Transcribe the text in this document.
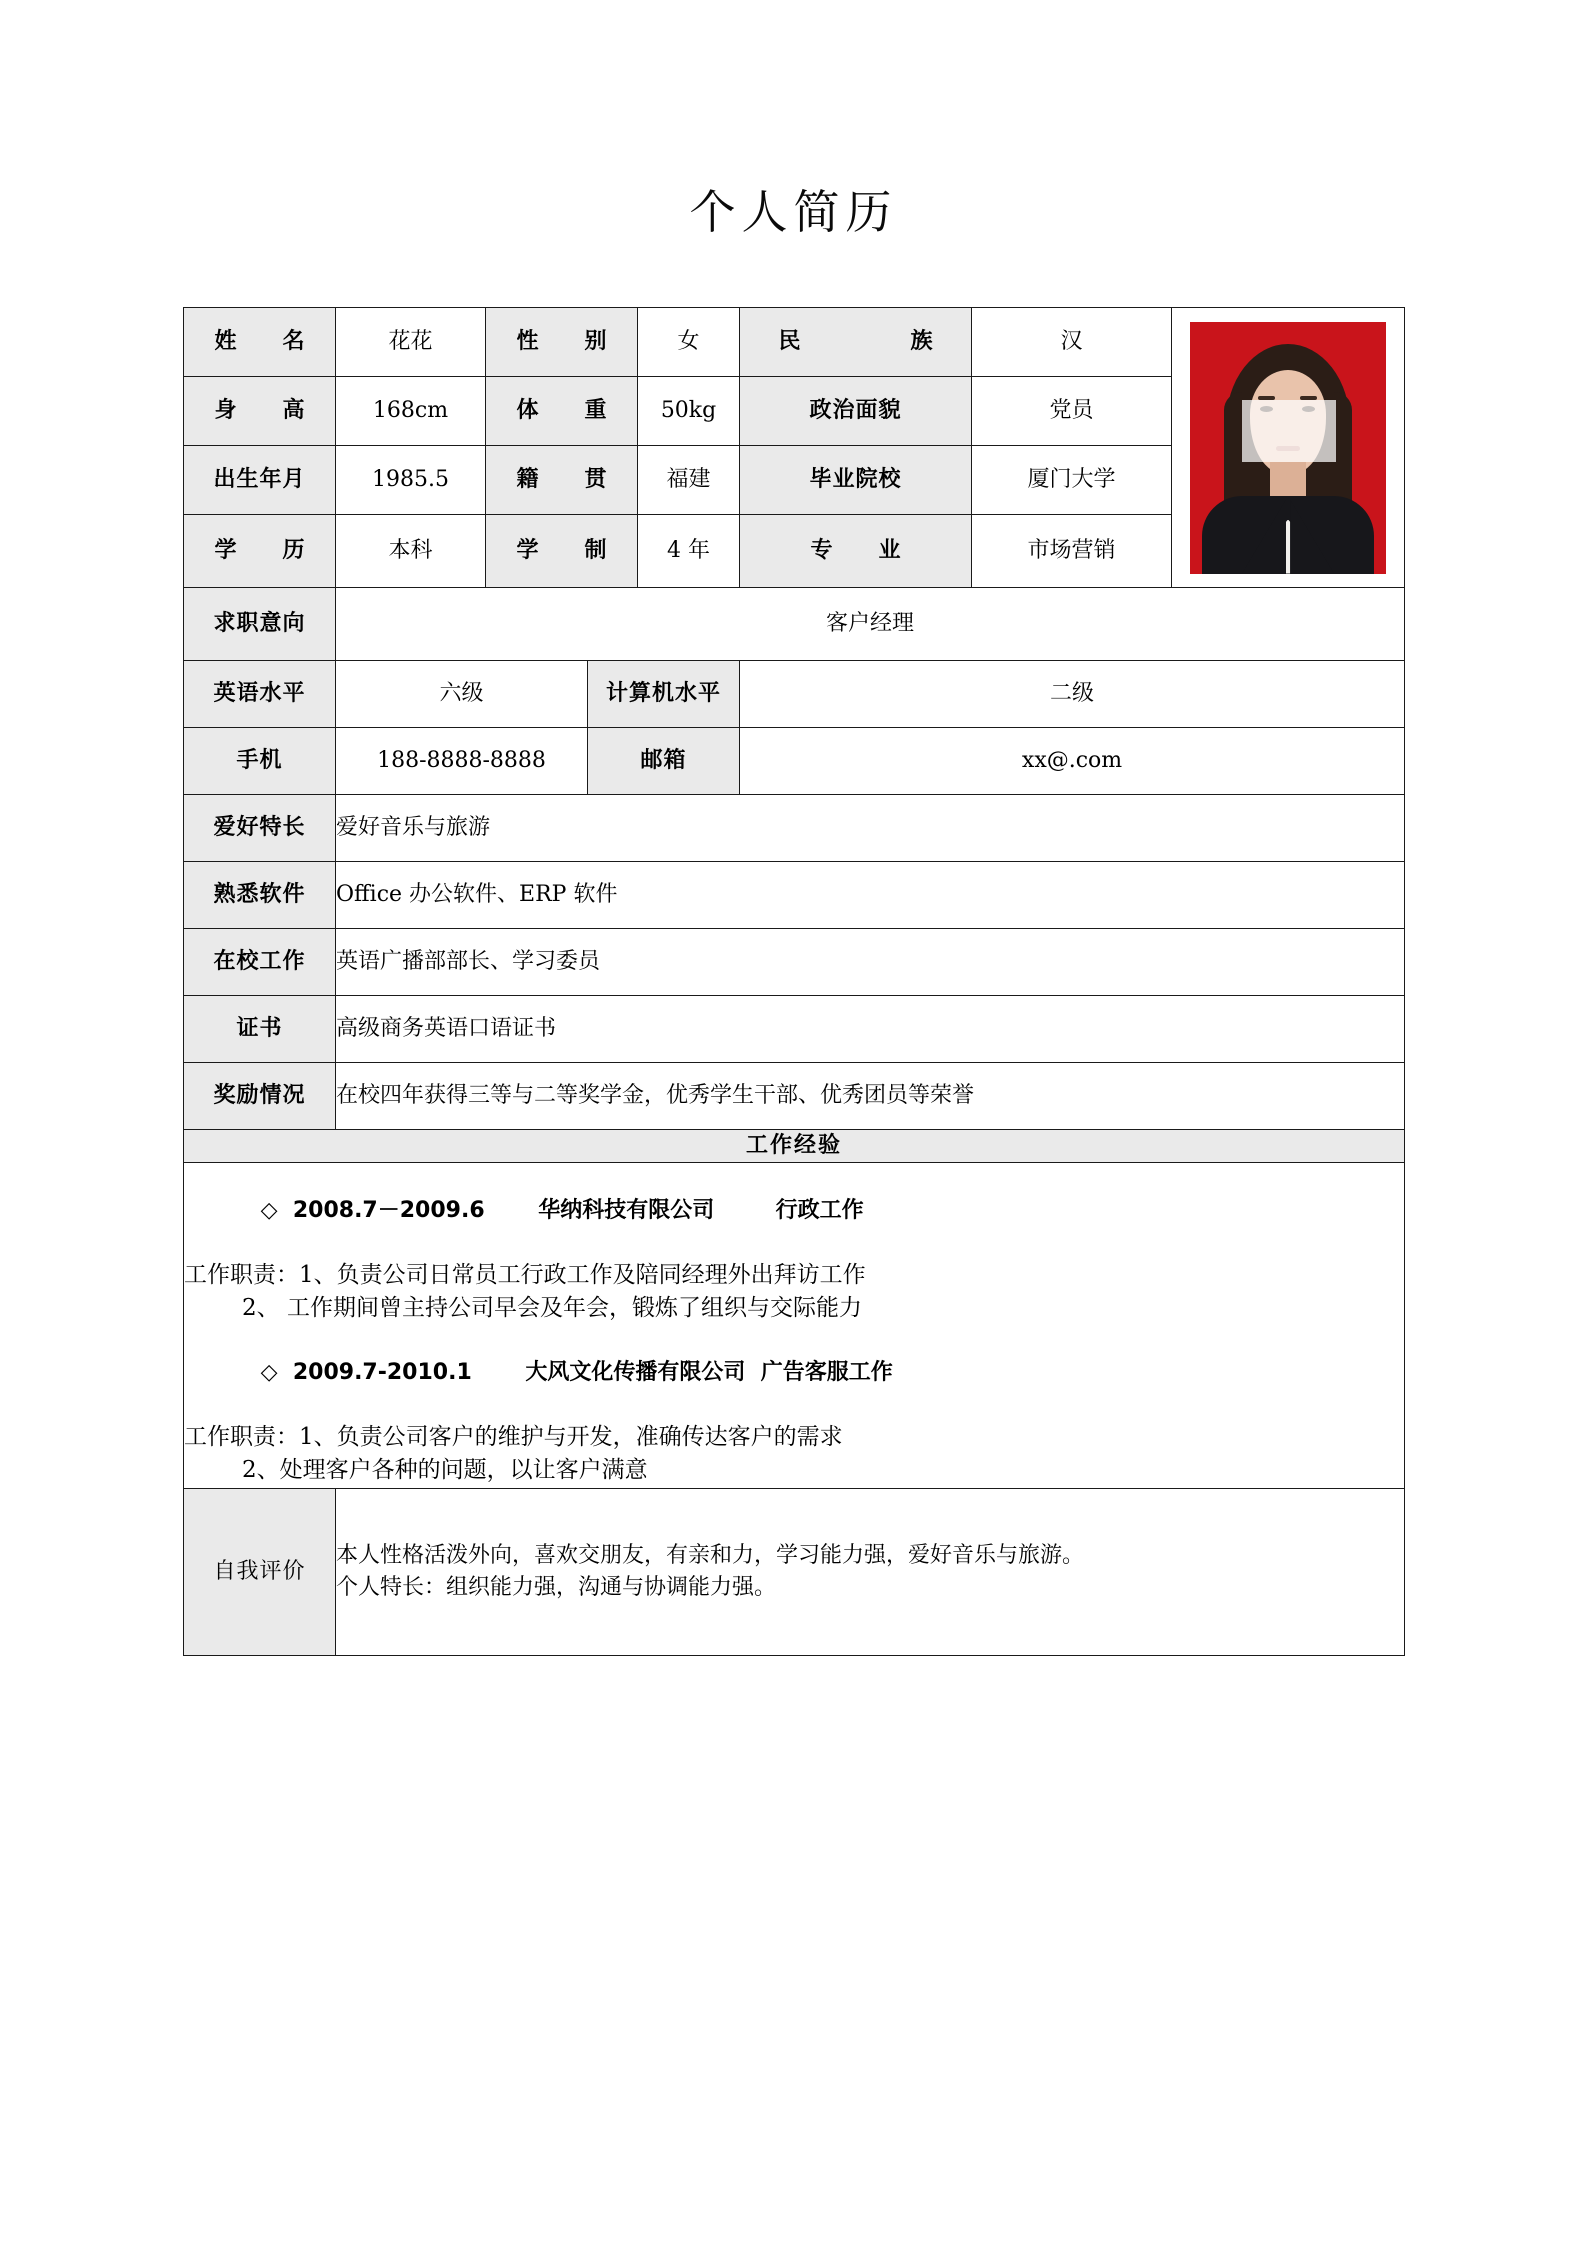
个人简历
姓　名	花花	性　别		女	民　　族	汉	

身　高	168cm	体　重		50kg	政治面貌	党员	
出生年月	1985.5	籍　贯		福建	毕业院校	厦门大学	
学　历	本科	学　制		4 年	专　业	市场营销	
求职意向	客户经理						
英语水平	六级		计算机水平		二级		
手机	188-8888-8888		邮箱		xx@.com		
爱好特长	爱好音乐与旅游						
熟悉软件	Office 办公软件、ERP 软件						
在校工作	英语广播部部长、学习委员						
证书	高级商务英语口语证书						
奖励情况	在校四年获得三等与二等奖学金，优秀学生干部、优秀团员等荣誉						
工作经验							

◇ 2008.7－2009.6 华纳科技有限公司	行政工作

工作职责：1、负责公司日常员工行政工作及陪同经理外出拜访工作
2、 工作期间曾主持公司早会及年会，锻炼了组织与交际能力

◇ 2009.7-2010.1 大风文化传播有限公司 广告客服工作

工作职责：1、负责公司客户的维护与开发，准确传达客户的需求
2、处理客户各种的问题，以让客户满意

自我评价	本人性格活泼外向，喜欢交朋友，有亲和力，学习能力强，爱好音乐与旅游。
个人特长：组织能力强，沟通与协调能力强。						
